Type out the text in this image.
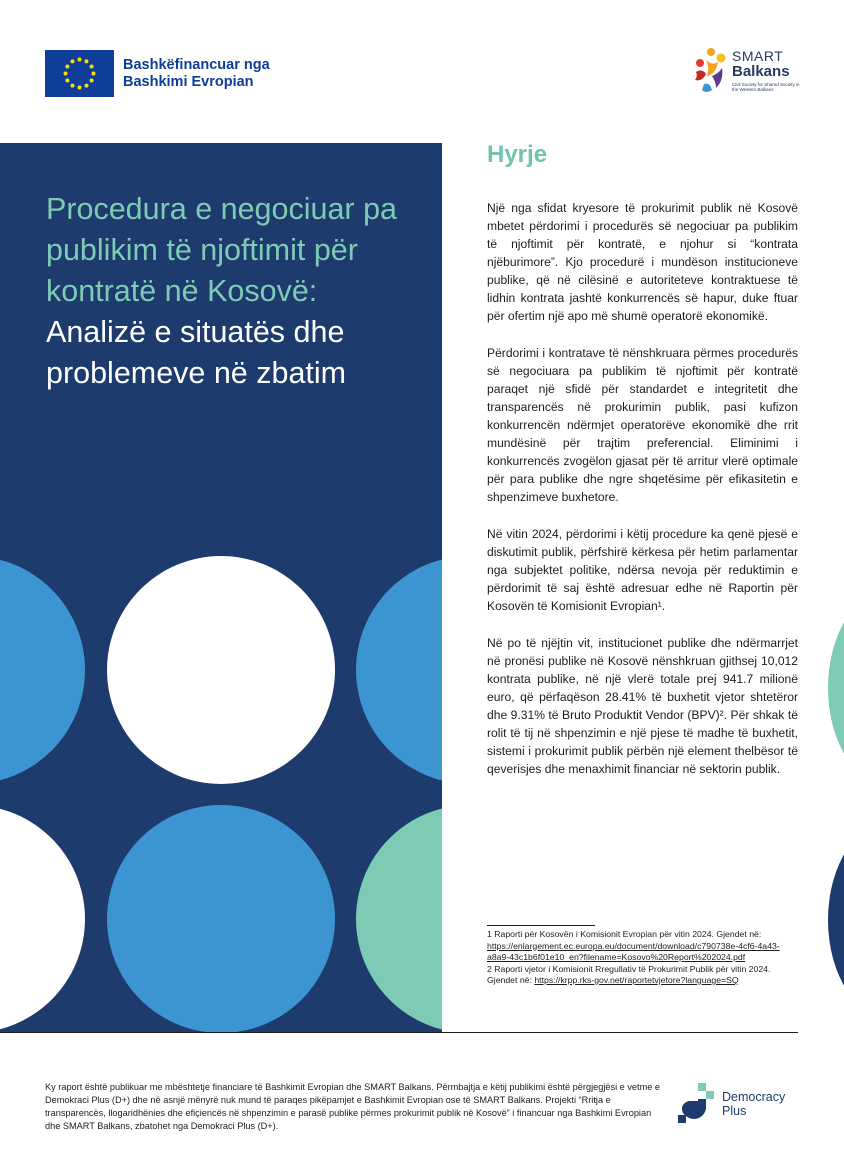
Bashkëfinancuar nga
Bashkimi Evropian
SMART
Balkans
Civil Society for Shared Society in the Western Balkans
Procedura e negociuar pa publikim të njoftimit për kontratë në Kosovë:
Analizë e situatës dhe problemeve në zbatim
Hyrje

Një nga sfidat kryesore të prokurimit publik në Kosovë mbetet përdorimi i procedurës së negociuar pa publikim të njoftimit për kontratë, e njohur si “kontrata njëburimore”. Kjo procedurë i mundëson institucioneve publike, që në cilësinë e autoriteteve kontraktuese të lidhin kontrata jashtë konkurrencës së hapur, duke ftuar për ofertim një apo më shumë operatorë ekonomikë.

Përdorimi i kontratave të nënshkruara përmes procedurës së negociuara pa publikim të njoftimit për kontratë paraqet një sfidë për standardet e integritetit dhe transparencës në prokurimin publik, pasi kufizon konkurrencën ndërmjet operatorëve ekonomikë dhe rrit mundësinë për trajtim preferencial. Eliminimi i konkurrencës zvogëlon gjasat për të arritur vlerë optimale për para publike dhe ngre shqetësime për efikasitetin e shpenzimeve buxhetore.

Në vitin 2024, përdorimi i këtij procedure ka qenë pjesë e diskutimit publik, përfshirë kërkesa për hetim parlamentar nga subjektet politike, ndërsa nevoja për reduktimin e përdorimit të saj është adresuar edhe në Raportin për Kosovën të Komisionit Evropian¹.

Në po të njëjtin vit, institucionet publike dhe ndërmarrjet në pronësi publike në Kosovë nënshkruan gjithsej 10,012 kontrata publike, në një vlerë totale prej 941.7 milionë euro, që përfaqëson 28.41% të buxhetit vjetor shtetëror dhe 9.31% të Bruto Produktit Vendor (BPV)². Për shkak të rolit të tij në shpenzimin e një pjese të madhe të buxhetit, sistemi i prokurimit publik përbën një element thelbësor të qeverisjes dhe menaxhimit financiar në sektorin publik.

1 Raporti për Kosovën i Komisionit Evropian për vitin 2024. Gjendet në: https://enlargement.ec.europa.eu/document/download/c790738e-4cf6-4a43-a8a9-43c1b6f01e10_en?filename=Kosovo%20Report%202024.pdf
2 Raporti vjetor i Komisionit Rregullativ të Prokurimit Publik për vitin 2024. Gjendet në: https://krpp.rks-gov.net/raportetvjetore?language=SQ

Ky raport është publikuar me mbështetje financiare të Bashkimit Evropian dhe SMART Balkans. Përmbajtja e këtij publikimi është përgjegjësi e vetme e Demokraci Plus (D+) dhe në asnjë mënyrë nuk mund të paraqes pikëpamjet e Bashkimit Evropian ose të SMART Balkans. Projekti “Rritja e transparencës, llogaridhënies dhe efiçiencës në shpenzimin e parasë publike përmes prokurimit publik në Kosovë” i financuar nga Bashkimi Evropian dhe SMART Balkans, zbatohet nga Demokraci Plus (D+).

Democracy
Plus
